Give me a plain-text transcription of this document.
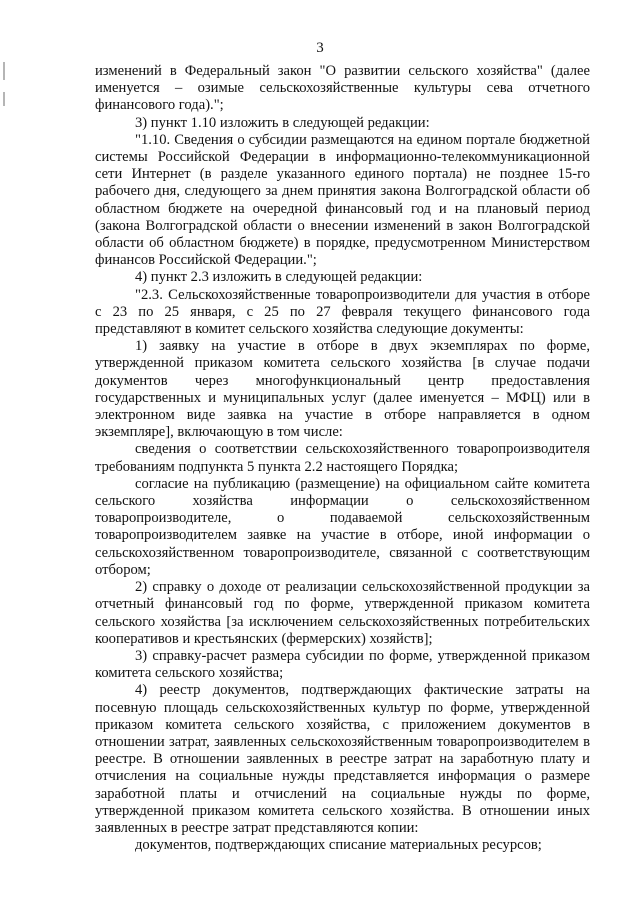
3

изменений в Федеральный закон "О развитии сельского хозяйства" (далее именуется – озимые сельскохозяйственные культуры сева отчетного финансового года).";

3) пункт 1.10 изложить в следующей редакции:

"1.10. Сведения о субсидии размещаются на едином портале бюджетной системы Российской Федерации в информационно-телекоммуникационной сети Интернет (в разделе указанного единого портала) не позднее 15-го рабочего дня, следующего за днем принятия закона Волгоградской области об областном бюджете на очередной финансовый год и на плановый период (закона Волгоградской области о внесении изменений в закон Волгоградской области об областном бюджете) в порядке, предусмотренном Министерством финансов Российской Федерации.";

4) пункт 2.3 изложить в следующей редакции:

"2.3. Сельскохозяйственные товаропроизводители для участия в отборе с 23 по 25 января, с 25 по 27 февраля текущего финансового года представляют в комитет сельского хозяйства следующие документы:

1) заявку на участие в отборе в двух экземплярах по форме, утвержденной приказом комитета сельского хозяйства [в случае подачи документов через многофункциональный центр предоставления государственных и муниципальных услуг (далее именуется – МФЦ) или в электронном виде заявка на участие в отборе направляется в одном экземпляре], включающую в том числе:

сведения о соответствии сельскохозяйственного товаропроизводителя требованиям подпункта 5 пункта 2.2 настоящего Порядка;

согласие на публикацию (размещение) на официальном сайте комитета сельского хозяйства информации о сельскохозяйственном товаропроизводителе, о подаваемой сельскохозяйственным товаропроизводителем заявке на участие в отборе, иной информации о сельскохозяйственном товаропроизводителе, связанной с соответствующим отбором;

2) справку о доходе от реализации сельскохозяйственной продукции за отчетный финансовый год по форме, утвержденной приказом комитета сельского хозяйства [за исключением сельскохозяйственных потребительских кооперативов и крестьянских (фермерских) хозяйств];

3) справку-расчет размера субсидии по форме, утвержденной приказом комитета сельского хозяйства;

4) реестр документов, подтверждающих фактические затраты на посевную площадь сельскохозяйственных культур по форме, утвержденной приказом комитета сельского хозяйства, с приложением документов в отношении затрат, заявленных сельскохозяйственным товаропроизводителем в реестре. В отношении заявленных в реестре затрат на заработную плату и отчисления на социальные нужды представляется информация о размере заработной платы и отчислений на социальные нужды по форме, утвержденной приказом комитета сельского хозяйства. В отношении иных заявленных в реестре затрат представляются копии:

документов, подтверждающих списание материальных ресурсов;
